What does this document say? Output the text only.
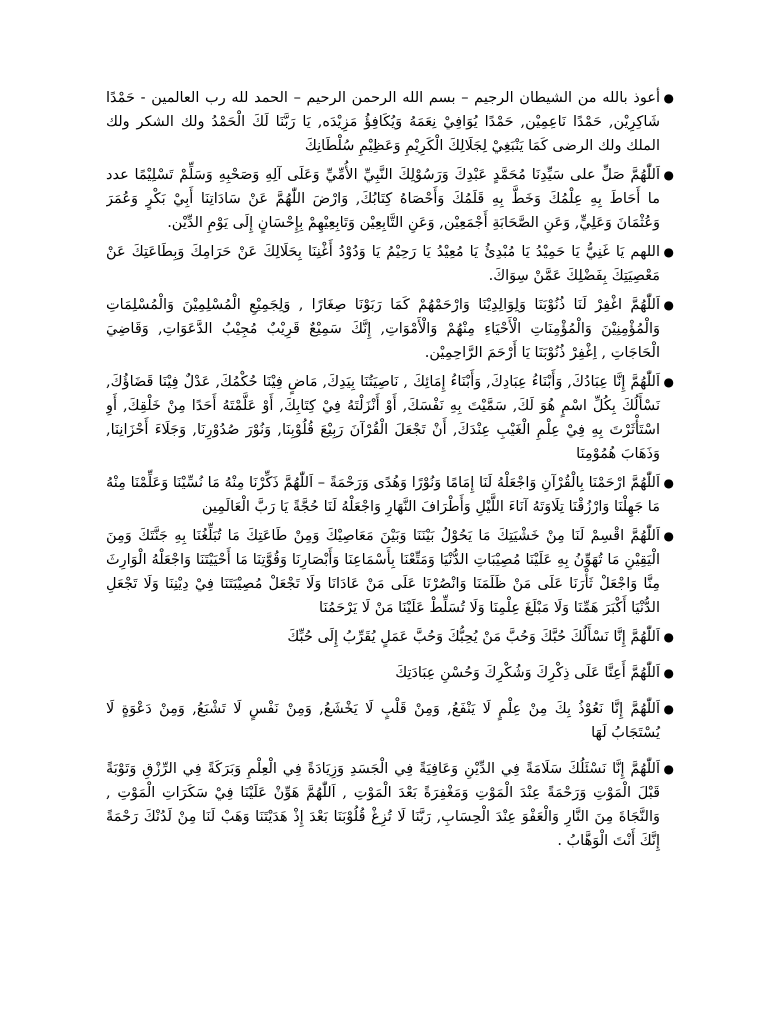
●
أعوذ بالله من الشيطان الرجيم – بسم الله الرحمن الرحيم – الحمد لله رب العالمين - حَمْدًا شَاكِرِيْن, حَمْدًا نَاعِمِيْن, حَمْدًا يُوَافِيْ نِعَمَهُ وَيُكَافِؤُ مَزِيْدَه, يَا رَبَّنَا لَكَ الْحَمْدُ ولك الشكر ولك الملك ولك الرضى كَمَا يَنْبَغِيْ لِجَلَالِكَ الْكَرِيْمِ وَعَظِيْمِ سُلْطَانِكَ
●
اَللّٰهُمَّ صَلِّ على سَيِّدِنَا مُحَمَّدٍ عَبْدِكَ وَرَسُوْلِكَ النَّبِيِّ الأُمِّيِّ وَعَلَى آلِهِ وَصَحْبِهِ وَسَلِّمْ تَسْلِيْمًا عدد ما أَحَاطَ بِهِ عِلْمُكَ وَخَطَّ بِهِ قَلَمُكَ وَأَحْصَاهُ كِتَابُكَ, وَارْضَ اللّٰهُمَّ عَنْ سَادَاتِنَا أَبِيْ بَكْرٍ وَعُمَرَ وَعُثْمَانَ وَعَلِيٍّ, وَعَنِ الصَّحَابَةِ أَجْمَعِيْن, وَعَنِ التَّابِعِيْن وَتَابِعِيْهِمْ بِإِحْسَانٍ إِلَى يَوْمِ الدِّيْن.
●
اللهم يَا غَنِيُّ يَا حَمِيْدُ يَا مُبْدِئُ يَا مُعِيْدُ يَا رَحِيْمُ يَا وَدُوْدُ أَغْنِنَا بِحَلَالِكَ عَنْ حَرَامِكَ وَبِطَاعَتِكَ عَنْ مَعْصِيَتِكَ بِفَضْلِكَ عَمَّنْ سِوَاكَ.
●
اَللّٰهُمَّ اغْفِرْ لَنَا ذُنُوْبَنَا وَلِوَالِدِيْنَا وَارْحَمْهُمْ كَمَا رَبَوْنَا صِغَارًا , وَلِجَمِيْعِ الْمُسْلِمِيْنَ وَالْمُسْلِمَاتِ وَالْمُؤْمِنِيْنَ وَالْمُؤْمِنَاتِ الْأَحْيَاءِ مِنْهُمْ وَالْأَمْوَاتِ, إِنَّكَ سَمِيْعٌ قَرِيْبٌ مُجِيْبُ الدَّعَوَاتِ, وَقَاضِيَ الْحَاجَاتِ , اِغْفِرْ ذُنُوْبَنَا يَا أَرْحَمَ الرَّاحِمِيْن.
●
اَللّٰهُمَّ إِنَّا عِبَادُكَ, وَأَبْنَاءُ عِبَادِكَ, وَأَبْنَاءُ إِمَائِكَ , نَاصِيَتُنَا بِيَدِكَ, مَاضٍ فِيْنَا حُكْمُكَ, عَدْلٌ فِيْنَا قَضَاؤُكَ, نَسْأَلُكَ بِكُلِّ اسْمٍ هُوَ لَكَ, سَمَّيْتَ بِهِ نَفْسَكَ, أَوْ أَنْزَلْتَهُ فِيْ كِتَابِكَ, أَوْ عَلَّمْتَهُ أَحَدًا مِنْ خَلْقِكَ, أَوِ اسْتَأْثَرْتَ بِهِ فِيْ عِلْمِ الْغَيْبِ عِنْدَكَ, أَنْ تَجْعَلَ الْقُرْآنَ رَبِيْعَ قُلُوْبِنَا, وَنُوْرَ صُدُوْرِنَا, وَجَلَاءَ أَحْزَانِنَا, وَذَهَابَ هُمُوْمِنَا
●
اَللّٰهُمَّ ارْحَمْنَا بِالْقُرْآنِ وَاجْعَلْهُ لَنَا إِمَامًا وَنُوْرًا وَهُدًى وَرَحْمَةً – اَللّٰهُمَّ ذَكِّرْنَا مِنْهُ مَا نُسِّيْنَا وَعَلِّمْنَا مِنْهُ مَا جَهِلْنَا وَارْزُقْنَا تِلَاوَتَهُ آنَاءَ اللَّيْلِ وَأَطْرَافَ النَّهَارِ وَاجْعَلْهُ لَنَا حُجَّةً يَا رَبَّ الْعَالَمِين
●
اَللّٰهُمَّ اقْسِمْ لَنَا مِنْ خَشْيَتِكَ مَا يَحُوْلُ بَيْنَنَا وَبَيْنَ مَعَاصِيْكَ وَمِنْ طَاعَتِكَ مَا تُبَلِّغُنَا بِهِ جَنَّتَكَ وَمِنَ الْيَقِيْنِ مَا تُهَوِّنُ بِهِ عَلَيْنَا مُصِيْبَاتِ الدُّنْيَا وَمَتِّعْنَا بِأَسْمَاعِنَا وَأَبْصَارِنَا وَقُوَّتِنَا مَا أَحْيَيْتَنَا وَاجْعَلْهُ الْوَارِثَ مِنَّا وَاجْعَلْ ثَأْرَنَا عَلَى مَنْ ظَلَمَنَا وَانْصُرْنَا عَلَى مَنْ عَادَانَا وَلَا تَجْعَلْ مُصِيْبَتَنَا فِيْ دِيْنِنَا وَلَا تَجْعَلِ الدُّنْيَا أَكْبَرَ هَمِّنَا وَلَا مَبْلَغَ عِلْمِنَا وَلَا تُسَلِّطْ عَلَيْنَا مَنْ لَا يَرْحَمُنَا
●
اَللّٰهُمَّ إِنَّا نَسْأَلُكَ حُبَّكَ وَحُبَّ مَنْ يُحِبُّكَ وَحُبَّ عَمَلٍ يُقَرِّبُ إِلَى حُبِّكَ
●
اَللّٰهُمَّ أَعِنَّا عَلَى ذِكْرِكَ وَشُكْرِكَ وَحُسْنِ عِبَادَتِكَ
●
اَللّٰهُمَّ إِنَّا نَعُوْذُ بِكَ مِنْ عِلْمٍ لَا يَنْفَعُ, وَمِنْ قَلْبٍ لَا يَخْشَعُ, وَمِنْ نَفْسٍ لَا تَشْبَعُ, وَمِنْ دَعْوَةٍ لَا يُسْتَجَابُ لَهَا
●
اَللّٰهُمَّ إِنَّا نَسْئَلُكَ سَلَامَةً فِي الدِّيْنِ وَعَافِيَةً فِي الْجَسَدِ وَزِيَادَةً فِي الْعِلْمِ وَبَرَكَةً فِي الرِّزْقِ وَتَوْبَةً قَبْلَ الْمَوْتِ وَرَحْمَةً عِنْدَ الْمَوْتِ وَمَغْفِرَةً بَعْدَ الْمَوْتِ , اَللّٰهُمَّ هَوِّنْ عَلَيْنَا فِيْ سَكَرَاتِ الْمَوْتِ , وَالنَّجَاةَ مِنَ النَّارِ وَالْعَفْوَ عِنْدَ الْحِسَابِ, رَبَّنَا لَا تُزِغْ قُلُوْبَنَا بَعْدَ إِذْ هَدَيْتَنَا وَهَبْ لَنَا مِنْ لَدُنْكَ رَحْمَةً إِنَّكَ أَنْتَ الْوَهَّابُ .
